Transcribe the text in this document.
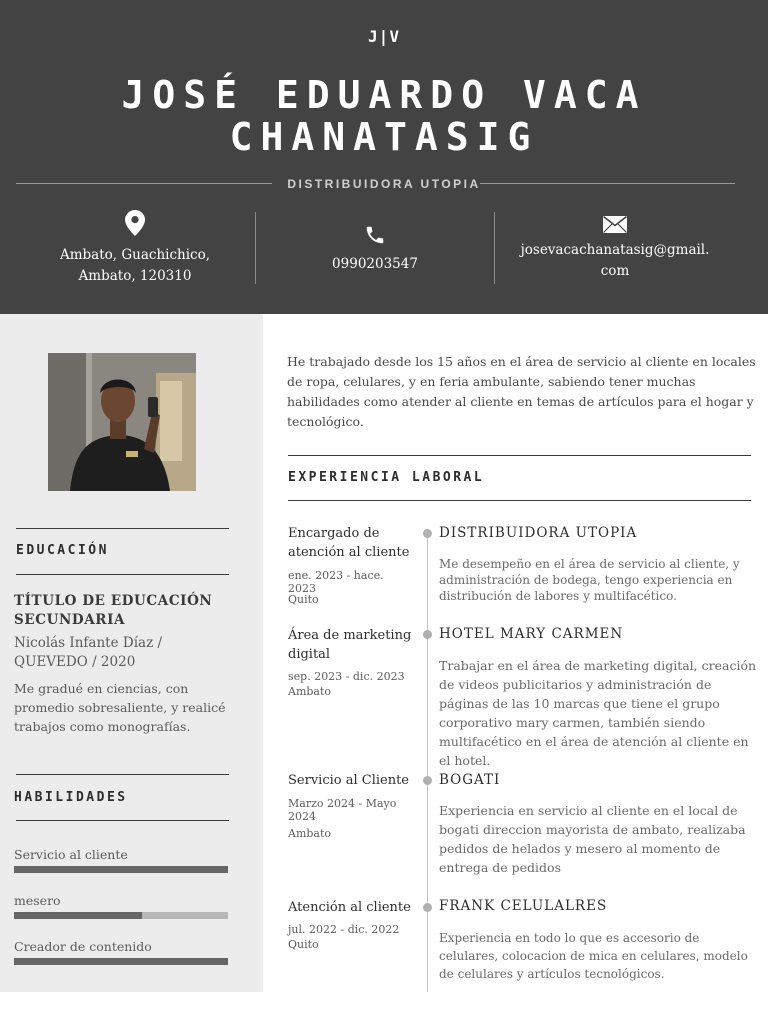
J|V
JOSÉ EDUARDO VACA
CHANATASIG
DISTRIBUIDORA UTOPIA
Ambato, Guachichico,
Ambato, 120310
0990203547
josevacachanatasig@gmail.
com
EDUCACIÓN
TÍTULO DE EDUCACIÓN SECUNDARIA
Nicolás Infante Díaz / QUEVEDO / 2020
Me gradué en ciencias, con promedio sobresaliente, y realicé trabajos como monografías.
HABILIDADES
Servicio al cliente
mesero
Creador de contenido
He trabajado desde los 15 años en el área de servicio al cliente en locales de ropa, celulares, y en feria ambulante, sabiendo tener muchas habilidades como atender al cliente en temas de artículos para el hogar y tecnológico.
EXPERIENCIA LABORAL
Encargado de atención al cliente
ene. 2023 - hace. 2023
Quito
DISTRIBUIDORA UTOPIA
Me desempeño en el área de servicio al cliente, y administración de bodega, tengo experiencia en distribución de labores y multifacético.
Área de marketing digital
sep. 2023 - dic. 2023
Ambato
HOTEL MARY CARMEN
Trabajar en el área de marketing digital, creación de videos publicitarios y administración de páginas de las 10 marcas que tiene el grupo corporativo mary carmen, también siendo multifacético en el área de atención al cliente en el hotel.
Servicio al Cliente
Marzo 2024 - Mayo 2024
Ambato
BOGATI
Experiencia en servicio al cliente en el local de bogati direccion mayorista de ambato, realizaba pedidos de helados y mesero al momento de entrega de pedidos
Atención al cliente
jul. 2022 - dic. 2022
Quito
FRANK CELULALRES
Experiencia en todo lo que es accesorio de celulares, colocacion de mica en celulares, modelo de celulares y artículos tecnológicos.
